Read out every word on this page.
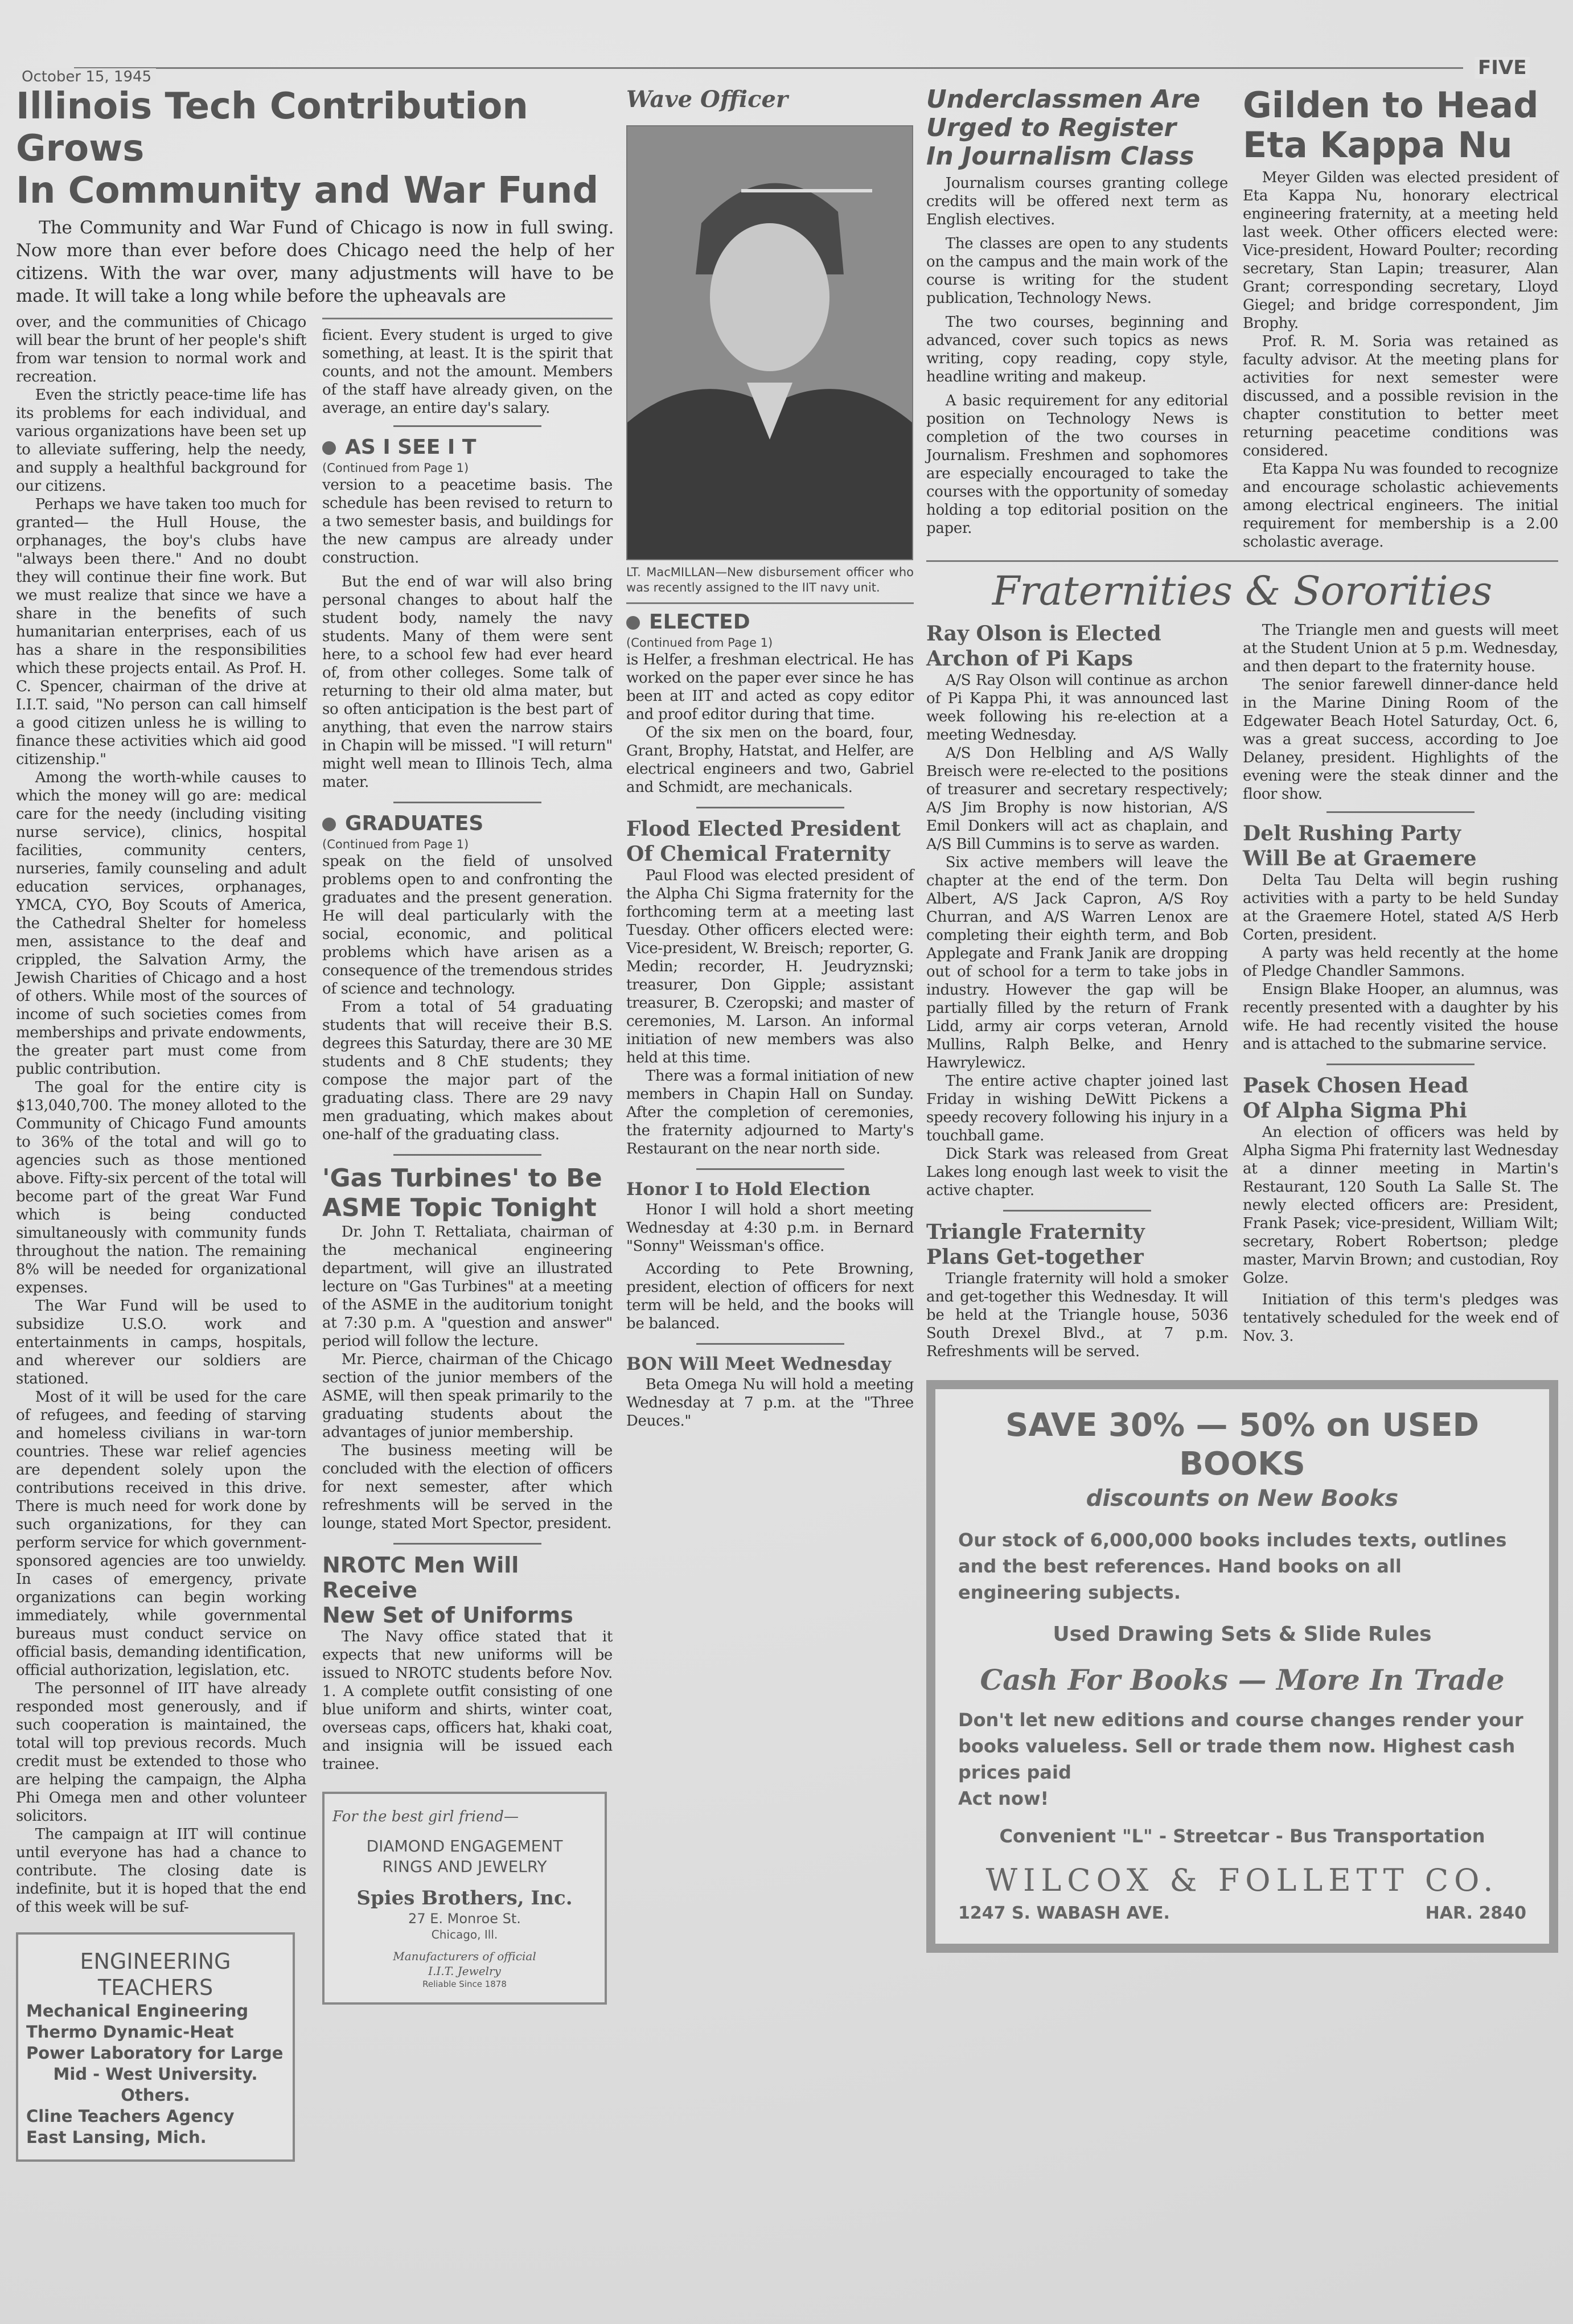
October 15, 1945	FIVE
Illinois Tech Contribution Grows
In Community and War Fund

The Community and War Fund of Chicago is now in full swing. Now more than ever before does Chicago need the help of her citizens. With the war over, many adjustments will have to be made. It will take a long while before the upheavals are

over, and the communities of Chicago will bear the brunt of her people's shift from war tension to normal work and recreation.

Even the strictly peace-time life has its problems for each individual, and various organizations have been set up to alleviate suffering, help the needy, and supply a healthful background for our citizens.

Perhaps we have taken too much for granted— the Hull House, the orphanages, the boy's clubs have "always been there." And no doubt they will continue their fine work. But we must realize that since we have a share in the benefits of such humanitarian enterprises, each of us has a share in the responsibilities which these projects entail. As Prof. H. C. Spencer, chairman of the drive at I.I.T. said, "No person can call himself a good citizen unless he is willing to finance these activities which aid good citizenship."

Among the worth-while causes to which the money will go are: medical care for the needy (including visiting nurse service), clinics, hospital facilities, community centers, nurseries, family counseling and adult education services, orphanages, YMCA, CYO, Boy Scouts of America, the Cathedral Shelter for homeless men, assistance to the deaf and crippled, the Salvation Army, the Jewish Charities of Chicago and a host of others. While most of the sources of income of such societies comes from memberships and private endowments, the greater part must come from public contribution.

The goal for the entire city is $13,040,700. The money alloted to the Community of Chicago Fund amounts to 36% of the total and will go to agencies such as those mentioned above. Fifty-six percent of the total will become part of the great War Fund which is being conducted simultaneously with community funds throughout the nation. The remaining 8% will be needed for organizational expenses.

The War Fund will be used to subsidize U.S.O. work and entertainments in camps, hospitals, and wherever our soldiers are stationed.

Most of it will be used for the care of refugees, and feeding of starving and homeless civilians in war-torn countries. These war relief agencies are dependent solely upon the contributions received in this drive. There is much need for work done by such organizations, for they can perform service for which government-sponsored agencies are too unwieldy. In cases of emergency, private organizations can begin working immediately, while governmental bureaus must conduct service on official basis, demanding identification, official authorization, legislation, etc.

The personnel of IIT have already responded most generously, and if such cooperation is maintained, the total will top previous records. Much credit must be extended to those who are helping the campaign, the Alpha Phi Omega men and other volunteer solicitors.

The campaign at IIT will continue until everyone has had a chance to contribute. The closing date is indefinite, but it is hoped that the end of this week will be suf-

ENGINEERING
TEACHERS
Mechanical Engineering
Thermo Dynamic-Heat
Power Laboratory for Large
Mid - West University.
Others.
Cline Teachers Agency
East Lansing, Mich.

ficient. Every student is urged to give something, at least. It is the spirit that counts, and not the amount. Members of the staff have already given, on the average, an entire day's salary.

AS I SEE I T
(Continued from Page 1)

version to a peacetime basis. The schedule has been revised to return to a two semester basis, and buildings for the new campus are already under construction.

But the end of war will also bring personal changes to about half the student body, namely the navy students. Many of them were sent here, to a school few had ever heard of, from other colleges. Some talk of returning to their old alma mater, but so often anticipation is the best part of anything, that even the narrow stairs in Chapin will be missed. "I will return" might well mean to Illinois Tech, alma mater.

GRADUATES
(Continued from Page 1)

speak on the field of unsolved problems open to and confronting the graduates and the present generation. He will deal particularly with the social, economic, and political problems which have arisen as a consequence of the tremendous strides of science and technology.

From a total of 54 graduating students that will receive their B.S. degrees this Saturday, there are 30 ME students and 8 ChE students; they compose the major part of the graduating class. There are 29 navy men graduating, which makes about one-half of the graduating class.

'Gas Turbines' to Be
ASME Topic Tonight

Dr. John T. Rettaliata, chairman of the mechanical engineering department, will give an illustrated lecture on "Gas Turbines" at a meeting of the ASME in the auditorium tonight at 7:30 p.m. A "question and answer" period will follow the lecture.

Mr. Pierce, chairman of the Chicago section of the junior members of the ASME, will then speak primarily to the graduating students about the advantages of junior membership.

The business meeting will be concluded with the election of officers for next semester, after which refreshments will be served in the lounge, stated Mort Spector, president.

NROTC Men Will Receive
New Set of Uniforms

The Navy office stated that it expects that new uniforms will be issued to NROTC students before Nov. 1. A complete outfit consisting of one blue uniform and shirts, winter coat, overseas caps, officers hat, khaki coat, and insignia will be issued each trainee.

For the best girl friend—
DIAMOND ENGAGEMENT
RINGS AND JEWELRY
Spies Brothers, Inc.
27 E. Monroe St.
Chicago, Ill.
Manufacturers of official
I.I.T. Jewelry
Reliable Since 1878
Wave Officer
LT. MacMILLAN—New disbursement officer who was recently assigned to the IIT navy unit.
ELECTED
(Continued from Page 1)

is Helfer, a freshman electrical. He has worked on the paper ever since he has been at IIT and acted as copy editor and proof editor during that time.

Of the six men on the board, four, Grant, Brophy, Hatstat, and Helfer, are electrical engineers and two, Gabriel and Schmidt, are mechanicals.

Flood Elected President
Of Chemical Fraternity

Paul Flood was elected president of the Alpha Chi Sigma fraternity for the forthcoming term at a meeting last Tuesday. Other officers elected were: Vice-president, W. Breisch; reporter, G. Medin; recorder, H. Jeudryznski; treasurer, Don Gipple; assistant treasurer, B. Czeropski; and master of ceremonies, M. Larson. An informal initiation of new members was also held at this time.

There was a formal initiation of new members in Chapin Hall on Sunday. After the completion of ceremonies, the fraternity adjourned to Marty's Restaurant on the near north side.

Honor I to Hold Election

Honor I will hold a short meeting Wednesday at 4:30 p.m. in Bernard "Sonny" Weissman's office.

According to Pete Browning, president, election of officers for next term will be held, and the books will be balanced.

BON Will Meet Wednesday

Beta Omega Nu will hold a meeting Wednesday at 7 p.m. at the "Three Deuces."

Underclassmen Are
Urged to Register
In Journalism Class

Journalism courses granting college credits will be offered next term as English electives.

The classes are open to any students on the campus and the main work of the course is writing for the student publication, Technology News.

The two courses, beginning and advanced, cover such topics as news writing, copy reading, copy style, headline writing and makeup.

A basic requirement for any editorial position on Technology News is completion of the two courses in Journalism. Freshmen and sophomores are especially encouraged to take the courses with the opportunity of someday holding a top editorial position on the paper.

Gilden to Head
Eta Kappa Nu

Meyer Gilden was elected president of Eta Kappa Nu, honorary electrical engineering fraternity, at a meeting held last week. Other officers elected were: Vice-president, Howard Poulter; recording secretary, Stan Lapin; treasurer, Alan Grant; corresponding secretary, Lloyd Giegel; and bridge correspondent, Jim Brophy.

Prof. R. M. Soria was retained as faculty advisor. At the meeting plans for activities for next semester were discussed, and a possible revision in the chapter constitution to better meet returning peacetime conditions was considered.

Eta Kappa Nu was founded to recognize and encourage scholastic achievements among electrical engineers. The initial requirement for membership is a 2.00 scholastic average.

Fraternities & Sororities
Ray Olson is Elected
Archon of Pi Kaps

A/S Ray Olson will continue as archon of Pi Kappa Phi, it was announced last week following his re-election at a meeting Wednesday.

A/S Don Helbling and A/S Wally Breisch were re-elected to the positions of treasurer and secretary respectively; A/S Jim Brophy is now historian, A/S Emil Donkers will act as chaplain, and A/S Bill Cummins is to serve as warden.

Six active members will leave the chapter at the end of the term. Don Albert, A/S Jack Capron, A/S Roy Churran, and A/S Warren Lenox are completing their eighth term, and Bob Applegate and Frank Janik are dropping out of school for a term to take jobs in industry. However the gap will be partially filled by the return of Frank Lidd, army air corps veteran, Arnold Mullins, Ralph Belke, and Henry Hawrylewicz.

The entire active chapter joined last Friday in wishing DeWitt Pickens a speedy recovery following his injury in a touchball game.

Dick Stark was released from Great Lakes long enough last week to visit the active chapter.

Triangle Fraternity
Plans Get-together

Triangle fraternity will hold a smoker and get-together this Wednesday. It will be held at the Triangle house, 5036 South Drexel Blvd., at 7 p.m. Refreshments will be served.

The Triangle men and guests will meet at the Student Union at 5 p.m. Wednesday, and then depart to the fraternity house.

The senior farewell dinner-dance held in the Marine Dining Room of the Edgewater Beach Hotel Saturday, Oct. 6, was a great success, according to Joe Delaney, president. Highlights of the evening were the steak dinner and the floor show.

Delt Rushing Party
Will Be at Graemere

Delta Tau Delta will begin rushing activities with a party to be held Sunday at the Graemere Hotel, stated A/S Herb Corten, president.

A party was held recently at the home of Pledge Chandler Sammons.

Ensign Blake Hooper, an alumnus, was recently presented with a daughter by his wife. He had recently visited the house and is attached to the submarine service.

Pasek Chosen Head
Of Alpha Sigma Phi

An election of officers was held by Alpha Sigma Phi fraternity last Wednesday at a dinner meeting in Martin's Restaurant, 120 South La Salle St. The newly elected officers are: President, Frank Pasek; vice-president, William Wilt; secretary, Robert Robertson; pledge master, Marvin Brown; and custodian, Roy Golze.

Initiation of this term's pledges was tentatively scheduled for the week end of Nov. 3.

SAVE 30% — 50% on USED BOOKS
discounts on New Books
Our stock of 6,000,000 books includes texts, outlines and the best references. Hand books on all engineering subjects.
Used Drawing Sets & Slide Rules
Cash For Books — More In Trade
Don't let new editions and course changes render your books valueless. Sell or trade them now. Highest cash prices paid
Act now!
Convenient "L" - Streetcar - Bus Transportation
WILCOX & FOLLETT CO.
1247 S. WABASH AVE.	HAR. 2840
